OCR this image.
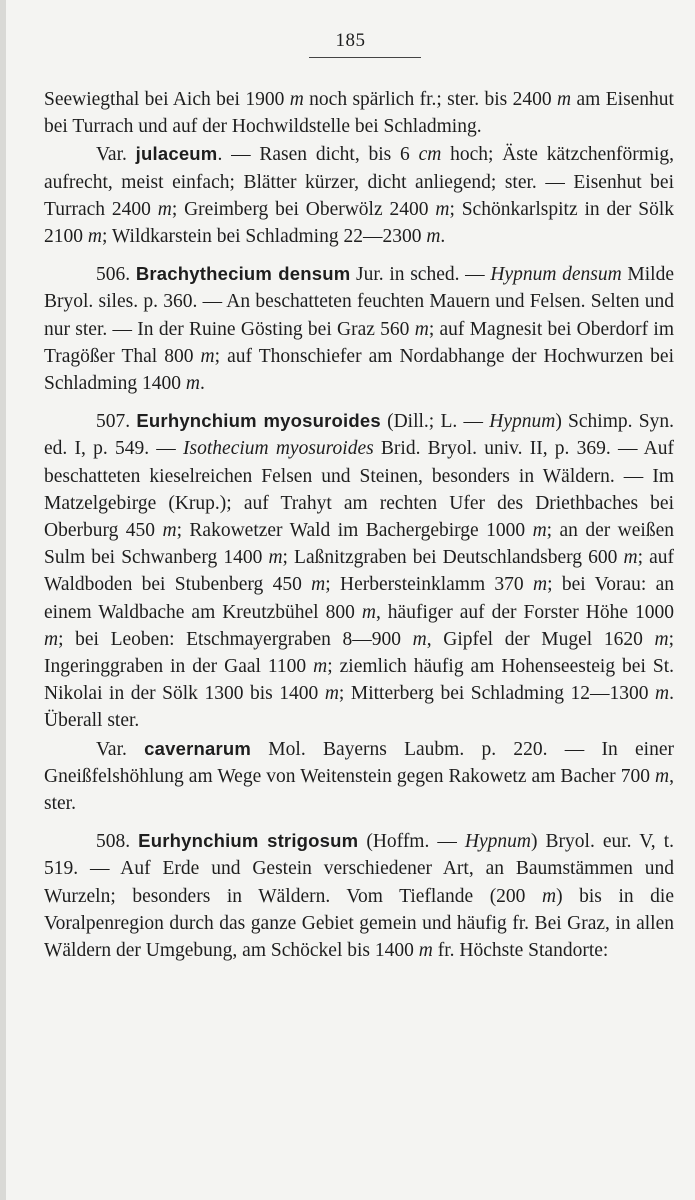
185

Seewiegthal bei Aich bei 1900 m noch spärlich fr.; ster. bis 2400 m am Eisenhut bei Turrach und auf der Hochwildstelle bei Schladming.

Var. julaceum. — Rasen dicht, bis 6 cm hoch; Äste kätzchenförmig, aufrecht, meist einfach; Blätter kürzer, dicht anliegend; ster. — Eisenhut bei Turrach 2400 m; Greimberg bei Oberwölz 2400 m; Schönkarlspitz in der Sölk 2100 m; Wildkarstein bei Schladming 22—2300 m.

506. Brachythecium densum Jur. in sched. — Hypnum densum Milde Bryol. siles. p. 360. — An beschatteten feuchten Mauern und Felsen. Selten und nur ster. — In der Ruine Gösting bei Graz 560 m; auf Magnesit bei Oberdorf im Tragößer Thal 800 m; auf Thonschiefer am Nordabhange der Hochwurzen bei Schladming 1400 m.

507. Eurhynchium myosuroides (Dill.; L. — Hypnum) Schimp. Syn. ed. I, p. 549. — Isothecium myosuroides Brid. Bryol. univ. II, p. 369. — Auf beschatteten kieselreichen Felsen und Steinen, besonders in Wäldern. — Im Matzelgebirge (Krup.); auf Trahyt am rechten Ufer des Driethbaches bei Oberburg 450 m; Rakowetzer Wald im Bachergebirge 1000 m; an der weißen Sulm bei Schwanberg 1400 m; Laßnitzgraben bei Deutschlandsberg 600 m; auf Waldboden bei Stubenberg 450 m; Herbersteinklamm 370 m; bei Vorau: an einem Waldbache am Kreutzbühel 800 m, häufiger auf der Forster Höhe 1000 m; bei Leoben: Etschmayergraben 8—900 m, Gipfel der Mugel 1620 m; Ingeringgraben in der Gaal 1100 m; ziemlich häufig am Hohenseesteig bei St. Nikolai in der Sölk 1300 bis 1400 m; Mitterberg bei Schladming 12—1300 m. Überall ster.

Var. cavernarum Mol. Bayerns Laubm. p. 220. — In einer Gneißfelshöhlung am Wege von Weitenstein gegen Rakowetz am Bacher 700 m, ster.

508. Eurhynchium strigosum (Hoffm. — Hypnum) Bryol. eur. V, t. 519. — Auf Erde und Gestein verschiedener Art, an Baumstämmen und Wurzeln; besonders in Wäldern. Vom Tieflande (200 m) bis in die Voralpenregion durch das ganze Gebiet gemein und häufig fr. Bei Graz, in allen Wäldern der Umgebung, am Schöckel bis 1400 m fr. Höchste Standorte:
